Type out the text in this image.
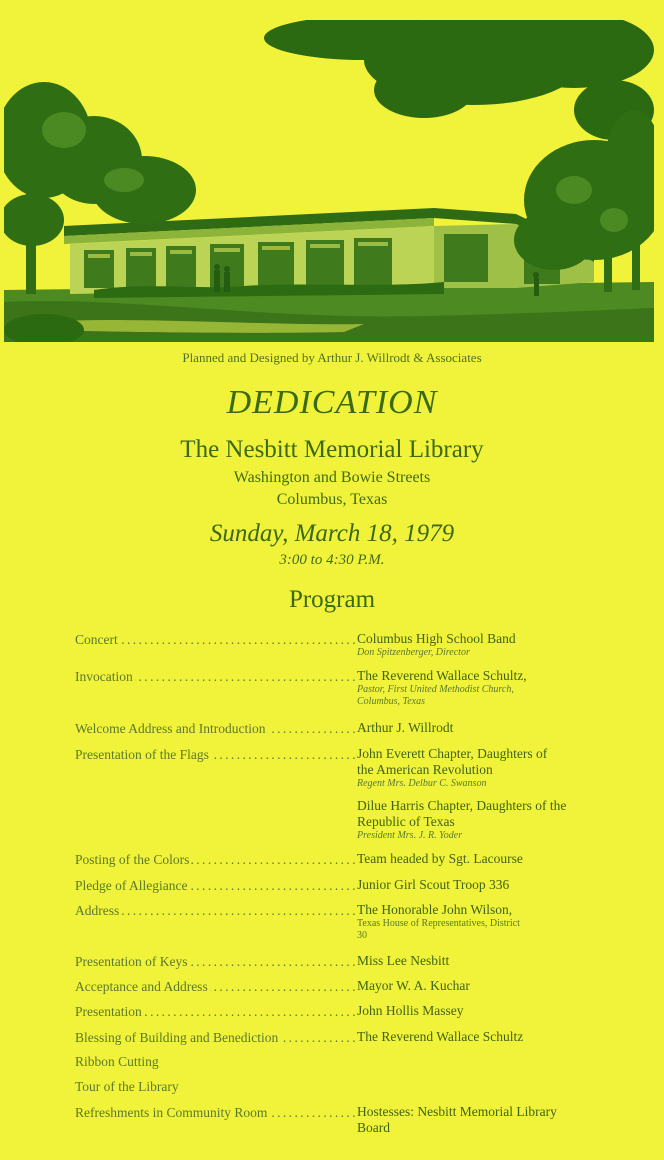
Planned and Designed by Arthur J. Willrodt & Associates
DEDICATION
The Nesbitt Memorial Library
Washington and Bowie Streets
Columbus, Texas
Sunday, March 18, 1979
3:00 to 4:30 P.M.
Program
Concert .....	Columbus High School Band
Don Spitzenberger, Director
Invocation .....	The Reverend Wallace Schultz,
Pastor, First United Methodist Church, Columbus, Texas
Welcome Address and Introduction .....	Arthur J. Willrodt
Presentation of the Flags .....	John Everett Chapter, Daughters of the American Revolution
Regent Mrs. Delbur C. Swanson
Dilue Harris Chapter, Daughters of the Republic of Texas
President Mrs. J. R. Yoder
Posting of the Colors .....	Team headed by Sgt. Lacourse
Pledge of Allegiance .....	Junior Girl Scout Troop 336
Address .....	The Honorable John Wilson,
Texas House of Representatives, District 30
Presentation of Keys .....	Miss Lee Nesbitt
Acceptance and Address .....	Mayor W. A. Kuchar
Presentation .....	John Hollis Massey
Blessing of Building and Benediction .....	The Reverend Wallace Schultz
Ribbon Cutting
Tour of the Library
Refreshments in Community Room .....	Hostesses: Nesbitt Memorial Library Board
